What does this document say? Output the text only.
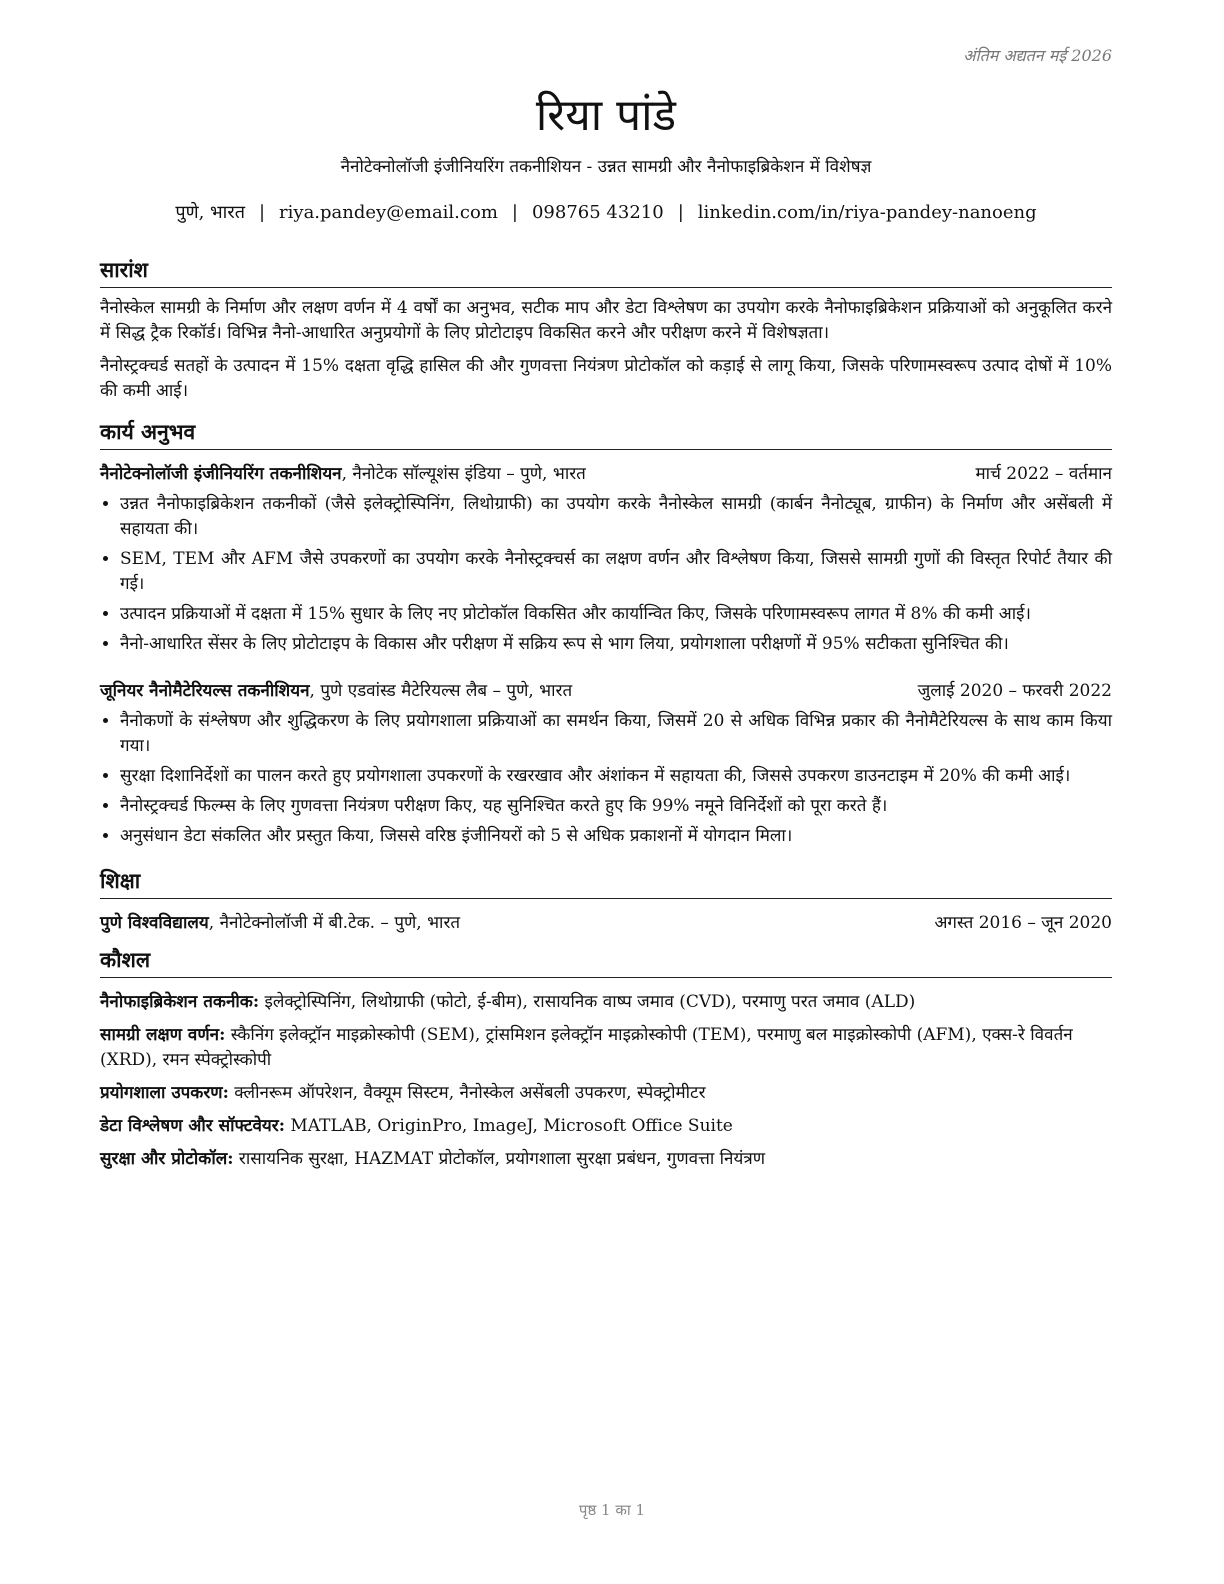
अंतिम अद्यतन मई 2026
रिया पांडे
नैनोटेक्नोलॉजी इंजीनियरिंग तकनीशियन - उन्नत सामग्री और नैनोफाइब्रिकेशन में विशेषज्ञ
पुणे, भारत | riya.pandey@email.com | 098765 43210 | linkedin.com/in/riya-pandey-nanoeng
सारांश
नैनोस्केल सामग्री के निर्माण और लक्षण वर्णन में 4 वर्षों का अनुभव, सटीक माप और डेटा विश्लेषण का उपयोग करके नैनोफाइब्रिकेशन प्रक्रियाओं को अनुकूलित करने में सिद्ध ट्रैक रिकॉर्ड। विभिन्न नैनो-आधारित अनुप्रयोगों के लिए प्रोटोटाइप विकसित करने और परीक्षण करने में विशेषज्ञता।
नैनोस्ट्रक्चर्ड सतहों के उत्पादन में 15% दक्षता वृद्धि हासिल की और गुणवत्ता नियंत्रण प्रोटोकॉल को कड़ाई से लागू किया, जिसके परिणामस्वरूप उत्पाद दोषों में 10% की कमी आई।
कार्य अनुभव
नैनोटेक्नोलॉजी इंजीनियरिंग तकनीशियन, नैनोटेक सॉल्यूशंस इंडिया – पुणे, भारत	मार्च 2022 – वर्तमान
• उन्नत नैनोफाइब्रिकेशन तकनीकों (जैसे इलेक्ट्रोस्पिनिंग, लिथोग्राफी) का उपयोग करके नैनोस्केल सामग्री (कार्बन नैनोट्यूब, ग्राफीन) के निर्माण और असेंबली में सहायता की।
• SEM, TEM और AFM जैसे उपकरणों का उपयोग करके नैनोस्ट्रक्चर्स का लक्षण वर्णन और विश्लेषण किया, जिससे सामग्री गुणों की विस्तृत रिपोर्ट तैयार की गई।
• उत्पादन प्रक्रियाओं में दक्षता में 15% सुधार के लिए नए प्रोटोकॉल विकसित और कार्यान्वित किए, जिसके परिणामस्वरूप लागत में 8% की कमी आई।
• नैनो-आधारित सेंसर के लिए प्रोटोटाइप के विकास और परीक्षण में सक्रिय रूप से भाग लिया, प्रयोगशाला परीक्षणों में 95% सटीकता सुनिश्चित की।
जूनियर नैनोमैटेरियल्स तकनीशियन, पुणे एडवांस्ड मैटेरियल्स लैब – पुणे, भारत	जुलाई 2020 – फरवरी 2022
• नैनोकणों के संश्लेषण और शुद्धिकरण के लिए प्रयोगशाला प्रक्रियाओं का समर्थन किया, जिसमें 20 से अधिक विभिन्न प्रकार की नैनोमैटेरियल्स के साथ काम किया गया।
• सुरक्षा दिशानिर्देशों का पालन करते हुए प्रयोगशाला उपकरणों के रखरखाव और अंशांकन में सहायता की, जिससे उपकरण डाउनटाइम में 20% की कमी आई।
• नैनोस्ट्रक्चर्ड फिल्म्स के लिए गुणवत्ता नियंत्रण परीक्षण किए, यह सुनिश्चित करते हुए कि 99% नमूने विनिर्देशों को पूरा करते हैं।
• अनुसंधान डेटा संकलित और प्रस्तुत किया, जिससे वरिष्ठ इंजीनियरों को 5 से अधिक प्रकाशनों में योगदान मिला।
शिक्षा
पुणे विश्वविद्यालय, नैनोटेक्नोलॉजी में बी.टेक. – पुणे, भारत	अगस्त 2016 – जून 2020
कौशल
नैनोफाइब्रिकेशन तकनीक: इलेक्ट्रोस्पिनिंग, लिथोग्राफी (फोटो, ई-बीम), रासायनिक वाष्प जमाव (CVD), परमाणु परत जमाव (ALD)
सामग्री लक्षण वर्णन: स्कैनिंग इलेक्ट्रॉन माइक्रोस्कोपी (SEM), ट्रांसमिशन इलेक्ट्रॉन माइक्रोस्कोपी (TEM), परमाणु बल माइक्रोस्कोपी (AFM), एक्स-रे विवर्तन (XRD), रमन स्पेक्ट्रोस्कोपी
प्रयोगशाला उपकरण: क्लीनरूम ऑपरेशन, वैक्यूम सिस्टम, नैनोस्केल असेंबली उपकरण, स्पेक्ट्रोमीटर
डेटा विश्लेषण और सॉफ्टवेयर: MATLAB, OriginPro, ImageJ, Microsoft Office Suite
सुरक्षा और प्रोटोकॉल: रासायनिक सुरक्षा, HAZMAT प्रोटोकॉल, प्रयोगशाला सुरक्षा प्रबंधन, गुणवत्ता नियंत्रण
पृष्ठ 1 का 1
